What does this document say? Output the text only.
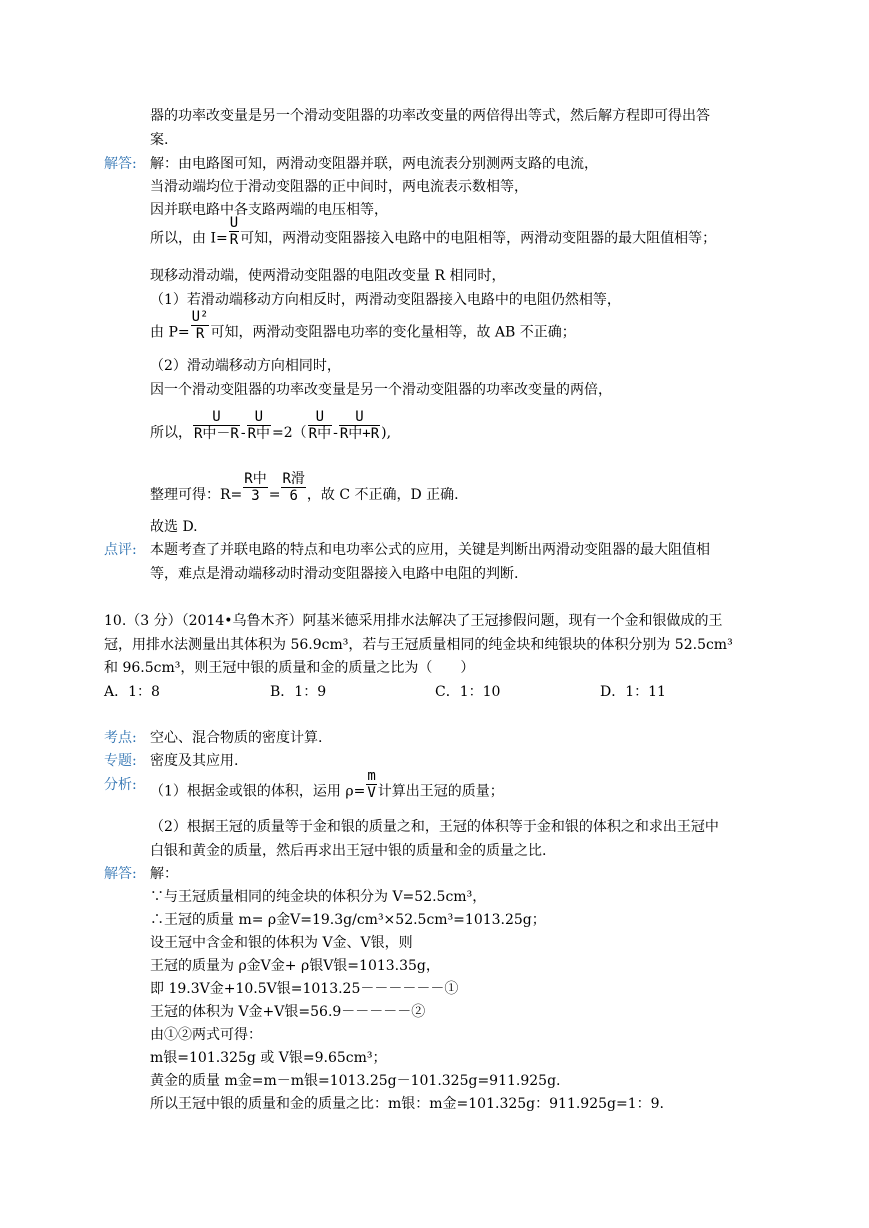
器的功率改变量是另一个滑动变阻器的功率改变量的两倍得出等式，然后解方程即可得出答
案.
解答: 解：由电路图可知，两滑动变阻器并联，两电流表分别测两支路的电流，
当滑动端均位于滑动变阻器的正中间时，两电流表示数相等，
因并联电路中各支路两端的电压相等，
所以，由 $I= \frac{U}{R}$ 可知，两滑动变阻器接入电路中的电阻相等，两滑动变阻器的最大阻值相等；
现移动滑动端，使两滑动变阻器的电阻改变量 R 相同时，
（1）若滑动端移动方向相反时，两滑动变阻器接入电路中的电阻仍然相等，
由 $P= \frac{\text{U²}}{R}$ 可知，两滑动变阻器电功率的变化量相等，故 AB 不正确；
（2）滑动端移动方向相同时，
因一个滑动变阻器的功率改变量是另一个滑动变阻器的功率改变量的两倍，
所以， $\frac{U}{\text{R中－R}} - \frac{U}{\text{R中}} =2( \frac{U}{\text{R中}} - \frac{U}{\text{R中+R}}$ ),
整理可得：$R= \frac{\text{R中}}{3} = \frac{\text{R滑}}{6}$ ，故 C 不正确，D 正确.
故选 D.
点评: 本题考查了并联电路的特点和电功率公式的应用，关键是判断出两滑动变阻器的最大阻值相
等，难点是滑动端移动时滑动变阻器接入电路中电阻的判断.
10.（3 分）（2014•乌鲁木齐）阿基米德采用排水法解决了王冠掺假问题，现有一个金和银做成的王
冠，用排水法测量出其体积为 56.9cm³，若与王冠质量相同的纯金块和纯银块的体积分别为 52.5cm³
和 96.5cm³，则王冠中银的质量和金的质量之比为（　　）
A．1：8	B．1：9	C．1：10	D．1：11
考点: 空心、混合物质的密度计算.
专题: 密度及其应用.
分析: （1）根据金或银的体积，运用 $\rho= \frac{m}{V}$ 计算出王冠的质量；
（2）根据王冠的质量等于金和银的质量之和，王冠的体积等于金和银的体积之和求出王冠中
白银和黄金的质量，然后再求出王冠中银的质量和金的质量之比.
解答: 解：
∵与王冠质量相同的纯金块的体积分为 V=52.5cm³，
∴王冠的质量 m= ρ金V=19.3g/cm³×52.5cm³=1013.25g；
设王冠中含金和银的体积为 V金、V银，则
王冠的质量为 ρ金V金+ ρ银V银=1013.35g，
即 19.3V金+10.5V银=1013.25－－－－－－①
王冠的体积为 V金+V银=56.9－－－－－②
由①②两式可得：
m银=101.325g 或 V银=9.65cm³；
黄金的质量 m金=m－m银=1013.25g－101.325g=911.925g.
所以王冠中银的质量和金的质量之比：m银：m金=101.325g：911.925g=1：9.
